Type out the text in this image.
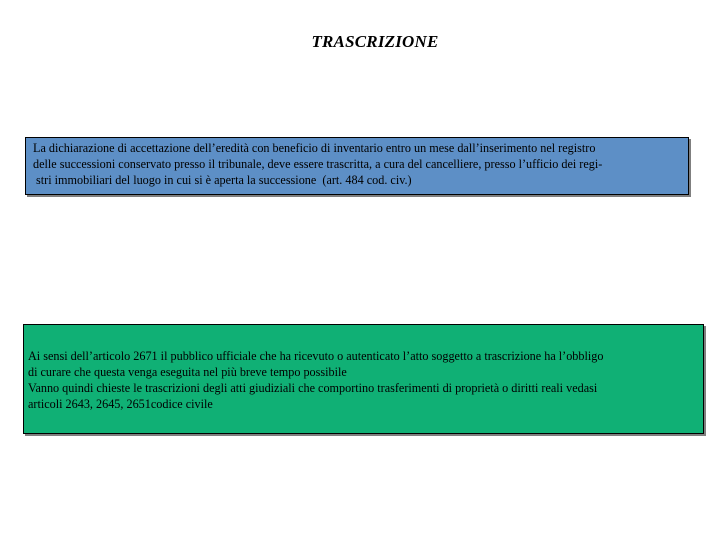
TRASCRIZIONE

La dichiarazione di accettazione dell’eredità con beneficio di inventario entro un mese dall’inserimento nel registro

delle successioni conservato presso il tribunale, deve essere trascritta, a cura del cancelliere, presso l’ufficio dei regi-

stri immobiliari del luogo in cui si è aperta la successione  (art. 484 cod. civ.)

Ai sensi dell’articolo 2671 il pubblico ufficiale che ha ricevuto o autenticato l’atto soggetto a trascrizione ha l’obbligo

di curare che questa venga eseguita nel più breve tempo possibile

Vanno quindi chieste le trascrizioni degli atti giudiziali che comportino trasferimenti di proprietà o diritti reali vedasi

articoli 2643, 2645, 2651codice civile
